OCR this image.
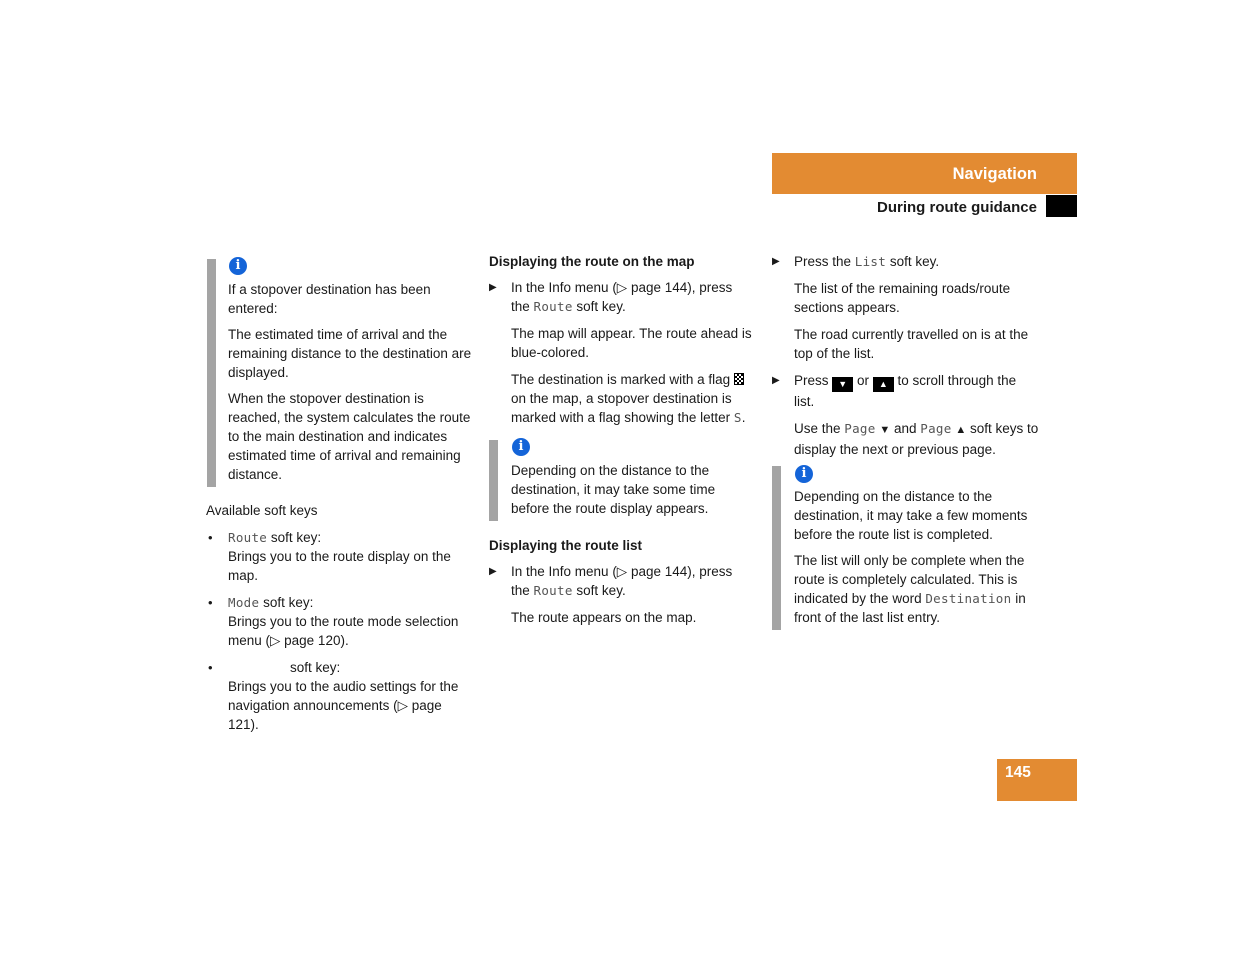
Navigation
During route guidance
i

If a stopover destination has been entered:

The estimated time of arrival and the remaining distance to the destination are displayed.

When the stopover destination is reached, the system calculates the route to the main destination and indicates estimated time of arrival and remaining distance.

Available soft keys

• Route soft key:

Brings you to the route display on the map.

• Mode soft key:

Brings you to the route mode selection menu (▷ page 120).

•	soft key:

Brings you to the audio settings for the navigation announcements (▷ page 121).

Displaying the route on the map

▶ In the Info menu (▷ page 144), press the Route soft key.

The map will appear. The route ahead is blue-colored.

The destination is marked with a flag  on the map, a stopover destination is marked with a flag showing the letter S.

i

Depending on the distance to the destination, it may take some time before the route display appears.

Displaying the route list

▶ In the Info menu (▷ page 144), press the Route soft key.

The route appears on the map.

▶ Press the List soft key.

The list of the remaining roads/route sections appears.

The road currently travelled on is at the top of the list.

▶ Press ▼ or ▲ to scroll through the list.

Use the Page ▼ and Page ▲ soft keys to display the next or previous page.

i

Depending on the distance to the destination, it may take a few moments before the route list is completed.

The list will only be complete when the route is completely calculated. This is indicated by the word Destination in front of the last list entry.

145
